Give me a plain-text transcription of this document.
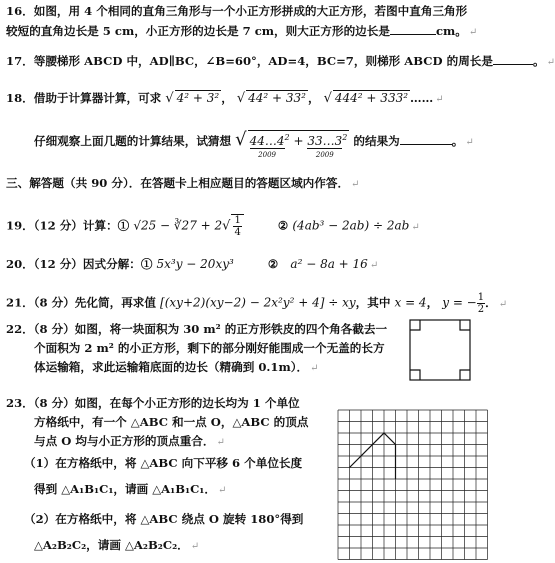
16．如图，用 4 个相同的直角三角形与一个小正方形拼成的大正方形，若图中直角三角形
较短的直角边长是 5 cm，小正方形的边长是 7 cm，则大正方形的边长是	cm。 ↵
17．等腰梯形 ABCD 中，AD∥BC，∠B=60°，AD=4，BC=7，则梯形 ABCD 的周长是	。 ↵
18．借助于计算器计算，可求 √ 4² + 3² ， √ 44² + 33² ， √ 444² + 333² …… ↵
仔细观察上面几题的计算结果，试猜想 √ 44…4
2009
$^2$ + 33…3
2009
$^2$ 的结果为	。 ↵
三、解答题（共 90 分）．在答题卡上相应题目的答题区域内作答． ↵
19．（12 分）计算：① √25 − ∛27 + $2√ \frac{1}{4}$	② (4ab³ − 2ab) ÷ 2ab ↵
20．（12 分）因式分解：① 5x³y − 20xy³	② a² − 8a + 16 ↵
21．（8 分）先化简，再求值 [(xy+2)(xy−2) − 2x²y² + 4] ÷ xy，其中 x = 4， y = − $\frac{1}{2}$ ． ↵
22．（8 分）如图，将一块面积为 30 m² 的正方形铁皮的四个角各截去一
个面积为 2 m² 的小正方形，剩下的部分刚好能围成一个无盖的长方
体运输箱，求此运输箱底面的边长（精确到 0.1m）． ↵
23．（8 分）如图，在每个小正方形的边长均为 1 个单位
方格纸中，有一个 △ABC 和一点 O，△ABC 的顶点
与点 O 均与小正方形的顶点重合． ↵
（1）在方格纸中，将 △ABC 向下平移 6 个单位长度
得到 △A₁B₁C₁，请画 △A₁B₁C₁． ↵
（2）在方格纸中，将 △ABC 绕点 O 旋转 180°得到
△A₂B₂C₂，请画 △A₂B₂C₂． ↵
